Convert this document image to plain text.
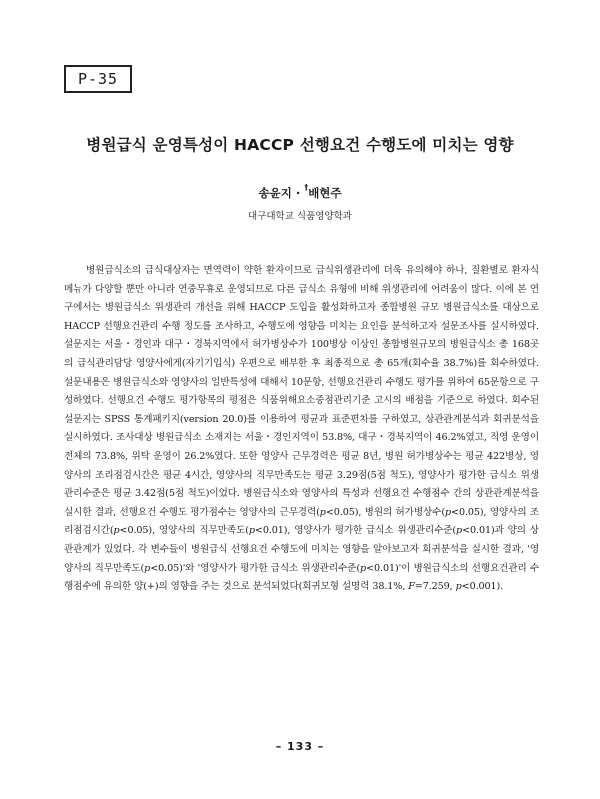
P-35
병원급식 운영특성이 HACCP 선행요건 수행도에 미치는 영향
송윤지 · †배현주
대구대학교 식품영양학과

병원급식소의 급식대상자는 면역력이 약한 환자이므로 급식위생관리에 더욱 유의해야 하나, 질환별로 환자식 메뉴가 다양할 뿐만 아니라 연중무휴로 운영되므로 다른 급식소 유형에 비해 위생관리에 어려움이 많다. 이에 본 연구에서는 병원급식소 위생관리 개선을 위해 HACCP 도입을 활성화하고자 종합병원 규모 병원급식소를 대상으로 HACCP 선행요건관리 수행 정도를 조사하고, 수행도에 영향을 미치는 요인을 분석하고자 설문조사를 실시하였다. 설문지는 서울・경인과 대구・경북지역에서 허가병상수가 100병상 이상인 종합병원규모의 병원급식소 총 168곳의 급식관리담당 영양사에게(자기기입식) 우편으로 배부한 후 최종적으로 총 65개(회수율 38.7%)를 회수하였다. 설문내용은 병원급식소와 영양사의 일반특성에 대해서 10문항, 선행요건관리 수행도 평가를 위하여 65문항으로 구성하였다. 선행요건 수행도 평가항목의 평점은 식품위해요소중점관리기준 고시의 배점을 기준으로 하였다. 회수된 설문지는 SPSS 통계패키지(version 20.0)를 이용하여 평균과 표준편차를 구하였고, 상관관계분석과 회귀분석을 실시하였다. 조사대상 병원급식소 소재지는 서울・경인지역이 53.8%, 대구・경북지역이 46.2%였고, 직영 운영이 전체의 73.8%, 위탁 운영이 26.2%였다. 또한 영양사 근무경력은 평균 8년, 병원 허가병상수는 평균 422병상, 영양사의 조리점검시간은 평균 4시간, 영양사의 직무만족도는 평균 3.29점(5점 척도), 영양사가 평가한 급식소 위생관리수준은 평균 3.42점(5점 척도)이었다. 병원급식소와 영양사의 특성과 선행요건 수행점수 간의 상관관계분석을 실시한 결과, 선행요건 수행도 평가점수는 영양사의 근무경력(p<0.05), 병원의 허가병상수(p<0.05), 영양사의 조리점검시간(p<0.05), 영양사의 직무만족도(p<0.01), 영양사가 평가한 급식소 위생관리수준(p<0.01)과 양의 상관관계가 있었다. 각 변수들이 병원급식 선행요건 수행도에 미치는 영향을 알아보고자 회귀분석을 실시한 결과, '영양사의 직무만족도(p<0.05)'와 '영양사가 평가한 급식소 위생관리수준(p<0.01)'이 병원급식소의 선행요건관리 수행점수에 유의한 양(+)의 영향을 주는 것으로 분석되었다(회귀모형 설명력 38.1%, F=7.259, p<0.001).

– 133 –
